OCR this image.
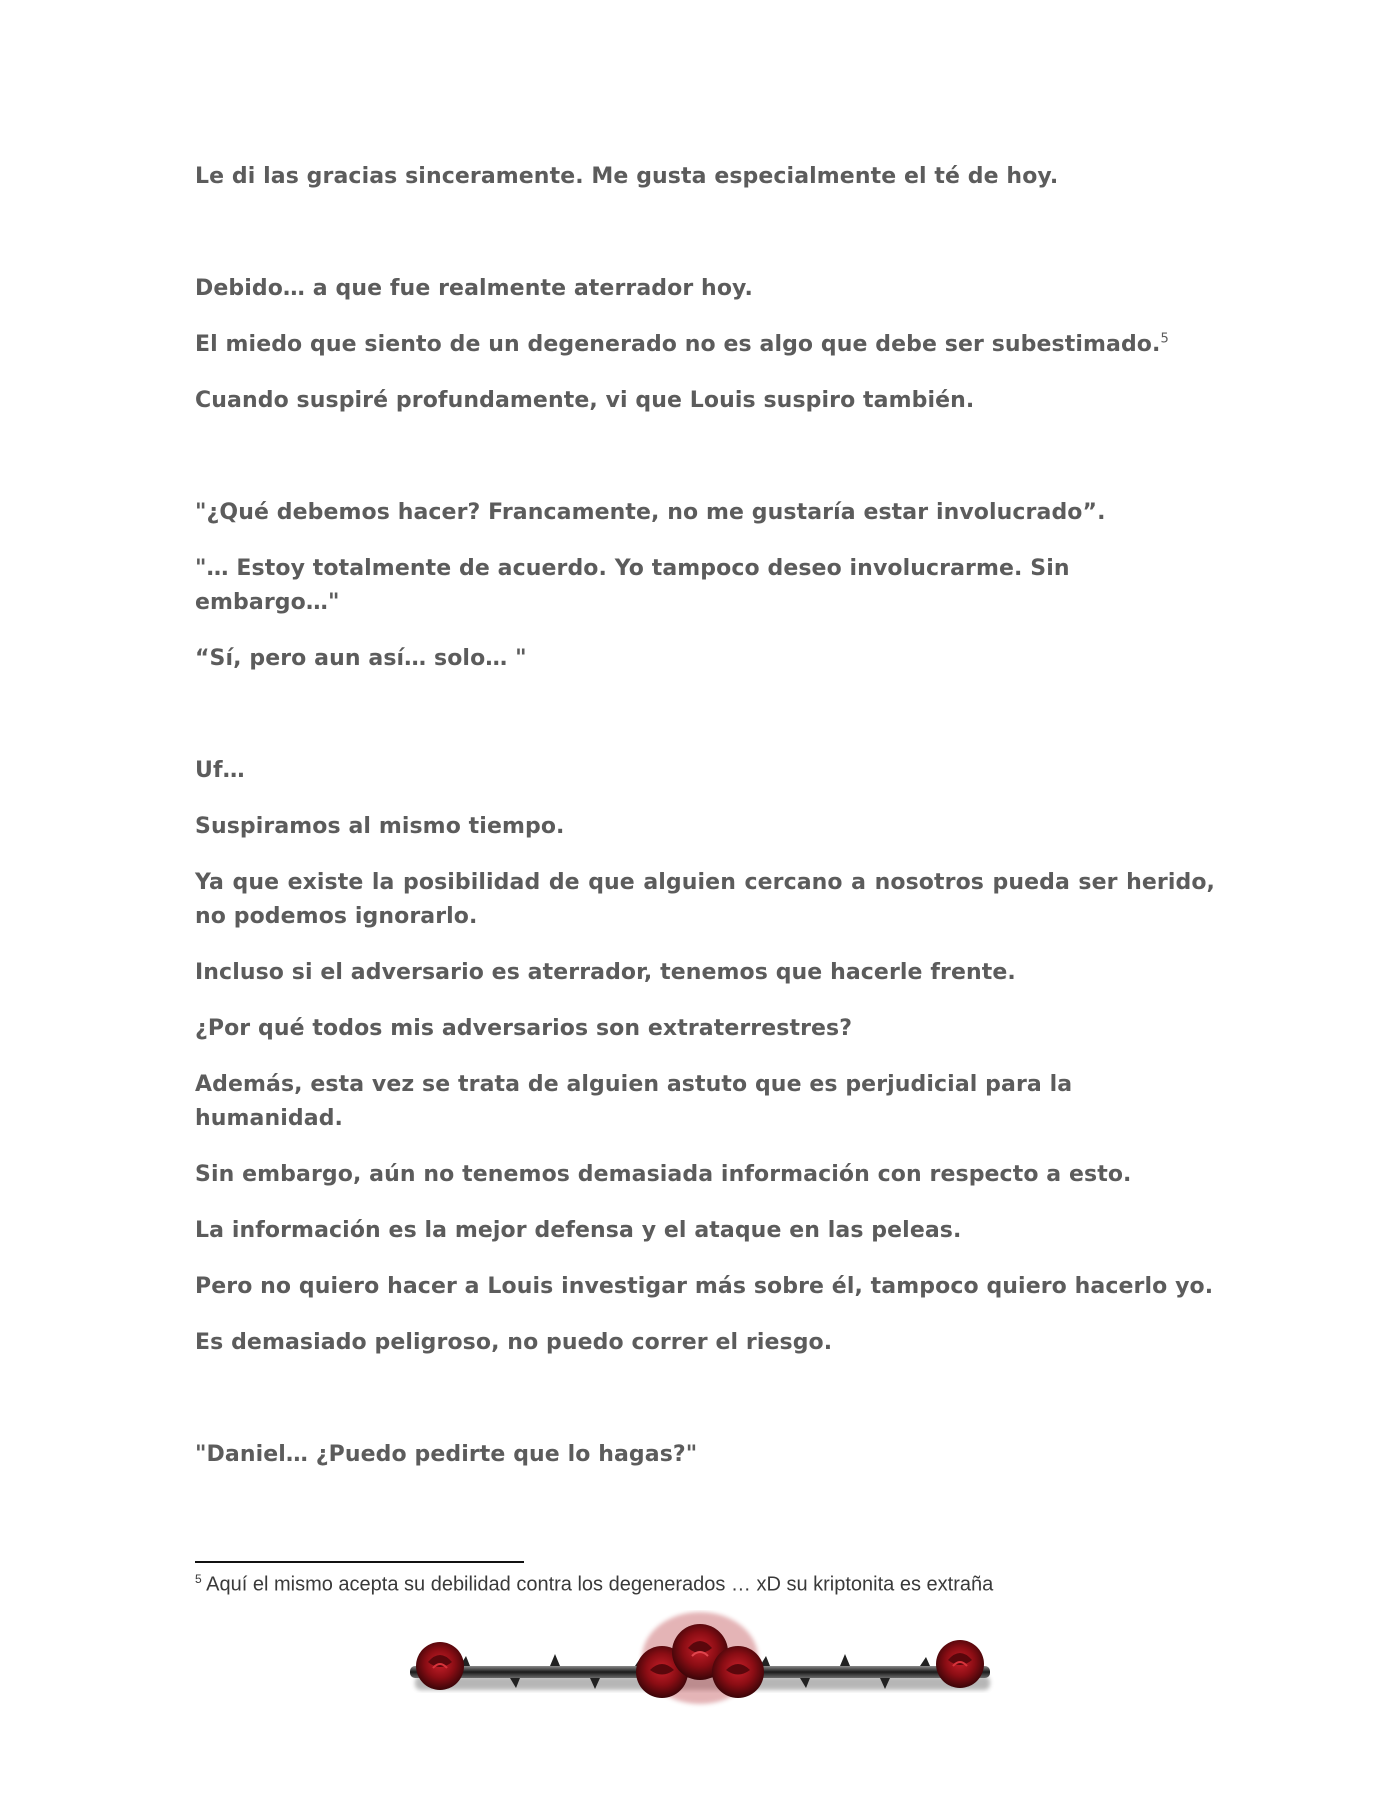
Le di las gracias sinceramente. Me gusta especialmente el té de hoy.

Debido… a que fue realmente aterrador hoy.

El miedo que siento de un degenerado no es algo que debe ser subestimado.$^5$

Cuando suspiré profundamente, vi que Louis suspiro también.

"¿Qué debemos hacer? Francamente, no me gustaría estar involucrado”.

"… Estoy totalmente de acuerdo. Yo tampoco deseo involucrarme. Sin embargo…"

“Sí, pero aun así… solo… "

Uf…

Suspiramos al mismo tiempo.

Ya que existe la posibilidad de que alguien cercano a nosotros pueda ser herido, no podemos ignorarlo.

Incluso si el adversario es aterrador, tenemos que hacerle frente.

¿Por qué todos mis adversarios son extraterrestres?

Además, esta vez se trata de alguien astuto que es perjudicial para la humanidad.

Sin embargo, aún no tenemos demasiada información con respecto a esto.

La información es la mejor defensa y el ataque en las peleas.

Pero no quiero hacer a Louis investigar más sobre él, tampoco quiero hacerlo yo.

Es demasiado peligroso, no puedo correr el riesgo.

"Daniel… ¿Puedo pedirte que lo hagas?"

$^5$ Aquí el mismo acepta su debilidad contra los degenerados … xD su kriptonita es extraña
